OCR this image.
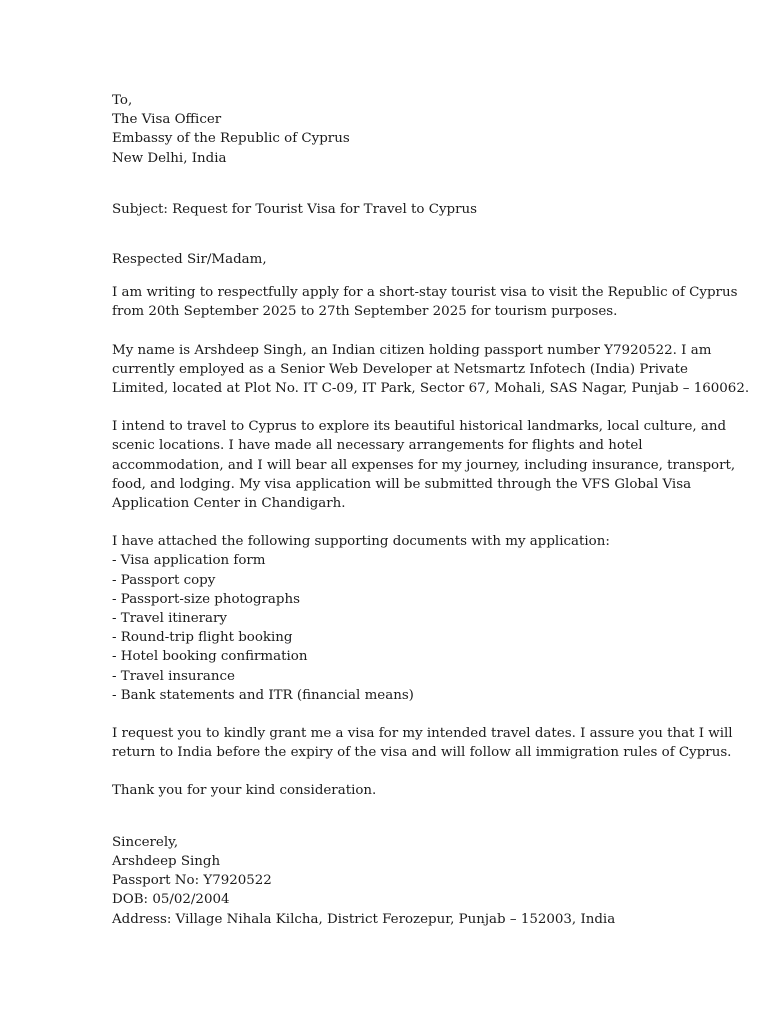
To,
The Visa Officer
Embassy of the Republic of Cyprus
New Delhi, India
Subject: Request for Tourist Visa for Travel to Cyprus
Respected Sir/Madam,
I am writing to respectfully apply for a short-stay tourist visa to visit the Republic of Cyprus
from 20th September 2025 to 27th September 2025 for tourism purposes.
My name is Arshdeep Singh, an Indian citizen holding passport number Y7920522. I am
currently employed as a Senior Web Developer at Netsmartz Infotech (India) Private
Limited, located at Plot No. IT C-09, IT Park, Sector 67, Mohali, SAS Nagar, Punjab – 160062.
I intend to travel to Cyprus to explore its beautiful historical landmarks, local culture, and
scenic locations. I have made all necessary arrangements for flights and hotel
accommodation, and I will bear all expenses for my journey, including insurance, transport,
food, and lodging. My visa application will be submitted through the VFS Global Visa
Application Center in Chandigarh.
I have attached the following supporting documents with my application:
- Visa application form
- Passport copy
- Passport-size photographs
- Travel itinerary
- Round-trip flight booking
- Hotel booking confirmation
- Travel insurance
- Bank statements and ITR (financial means)
I request you to kindly grant me a visa for my intended travel dates. I assure you that I will
return to India before the expiry of the visa and will follow all immigration rules of Cyprus.
Thank you for your kind consideration.
Sincerely,
Arshdeep Singh
Passport No: Y7920522
DOB: 05/02/2004
Address: Village Nihala Kilcha, District Ferozepur, Punjab – 152003, India
